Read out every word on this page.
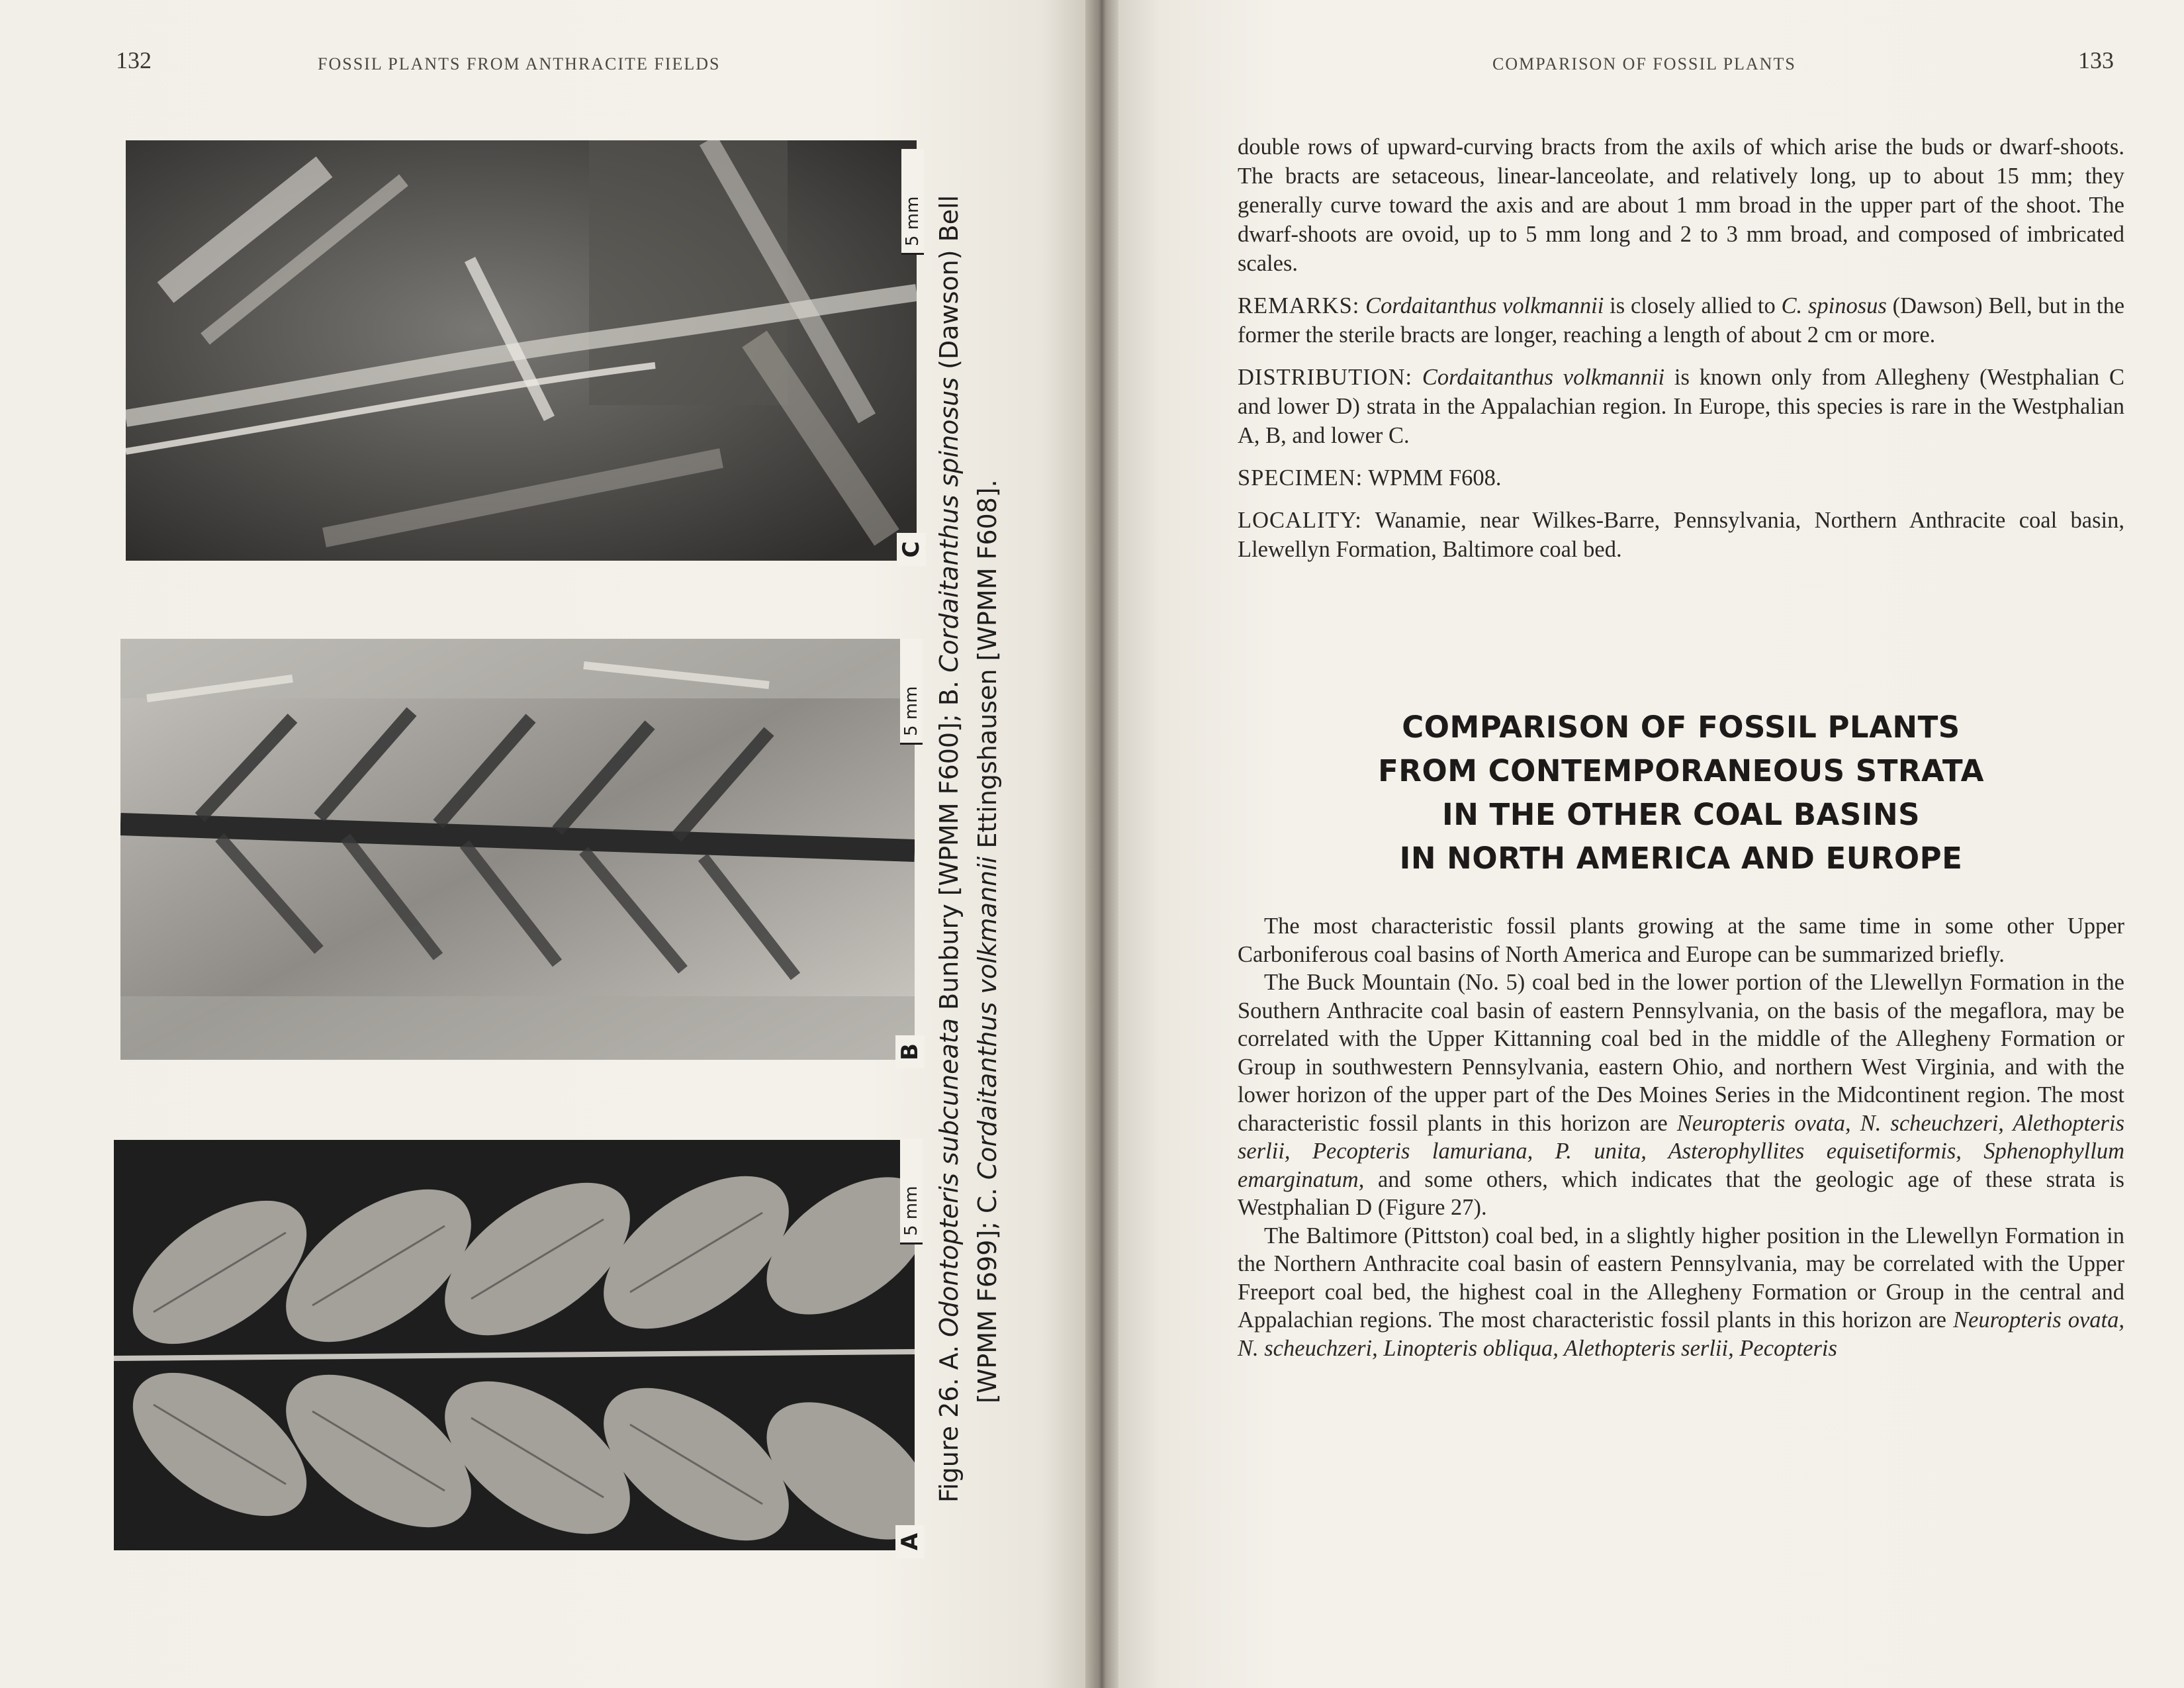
132	FOSSIL PLANTS FROM ANTHRACITE FIELDS
C
5 mm
B
5 mm
A
5 mm
Figure 26. A. Odontopteris subcuneata Bunbury [WPMM F600]; B. Cordaitanthus spinosus (Dawson) Bell
[WPMM F699]; C. Cordaitanthus volkmannii Ettingshausen [WPMM F608].
COMPARISON OF FOSSIL PLANTS	133

double rows of upward-curving bracts from the axils of which arise the buds or dwarf-shoots. The bracts are setaceous, linear-lanceolate, and relatively long, up to about 15 mm; they generally curve toward the axis and are about 1 mm broad in the upper part of the shoot. The dwarf-shoots are ovoid, up to 5 mm long and 2 to 3 mm broad, and composed of imbricated scales.

REMARKS: Cordaitanthus volkmannii is closely allied to C. spinosus (Dawson) Bell, but in the former the sterile bracts are longer, reaching a length of about 2 cm or more.

DISTRIBUTION: Cordaitanthus volkmannii is known only from Allegheny (Westphalian C and lower D) strata in the Appalachian region. In Europe, this species is rare in the Westphalian A, B, and lower C.

SPECIMEN: WPMM F608.

LOCALITY: Wanamie, near Wilkes-Barre, Pennsylvania, Northern Anthracite coal basin, Llewellyn Formation, Baltimore coal bed.

COMPARISON OF FOSSIL PLANTS
FROM CONTEMPORANEOUS STRATA
IN THE OTHER COAL BASINS
IN NORTH AMERICA AND EUROPE

The most characteristic fossil plants growing at the same time in some other Upper Carboniferous coal basins of North America and Europe can be summarized briefly.

The Buck Mountain (No. 5) coal bed in the lower portion of the Llewellyn Formation in the Southern Anthracite coal basin of eastern Pennsylvania, on the basis of the megaflora, may be correlated with the Upper Kittanning coal bed in the middle of the Allegheny Formation or Group in southwestern Pennsylvania, eastern Ohio, and northern West Virginia, and with the lower horizon of the upper part of the Des Moines Series in the Midcontinent region. The most characteristic fossil plants in this horizon are Neuropteris ovata, N. scheuchzeri, Alethopteris serlii, Pecopteris lamuriana, P. unita, Asterophyllites equisetiformis, Sphenophyllum emarginatum, and some others, which indicates that the geologic age of these strata is Westphalian D (Figure 27).

The Baltimore (Pittston) coal bed, in a slightly higher position in the Llewellyn Formation in the Northern Anthracite coal basin of eastern Pennsylvania, may be correlated with the Upper Freeport coal bed, the highest coal in the Allegheny Formation or Group in the central and Appalachian regions. The most characteristic fossil plants in this horizon are Neuropteris ovata, N. scheuchzeri, Linopteris obliqua, Alethopteris serlii, Pecopteris
